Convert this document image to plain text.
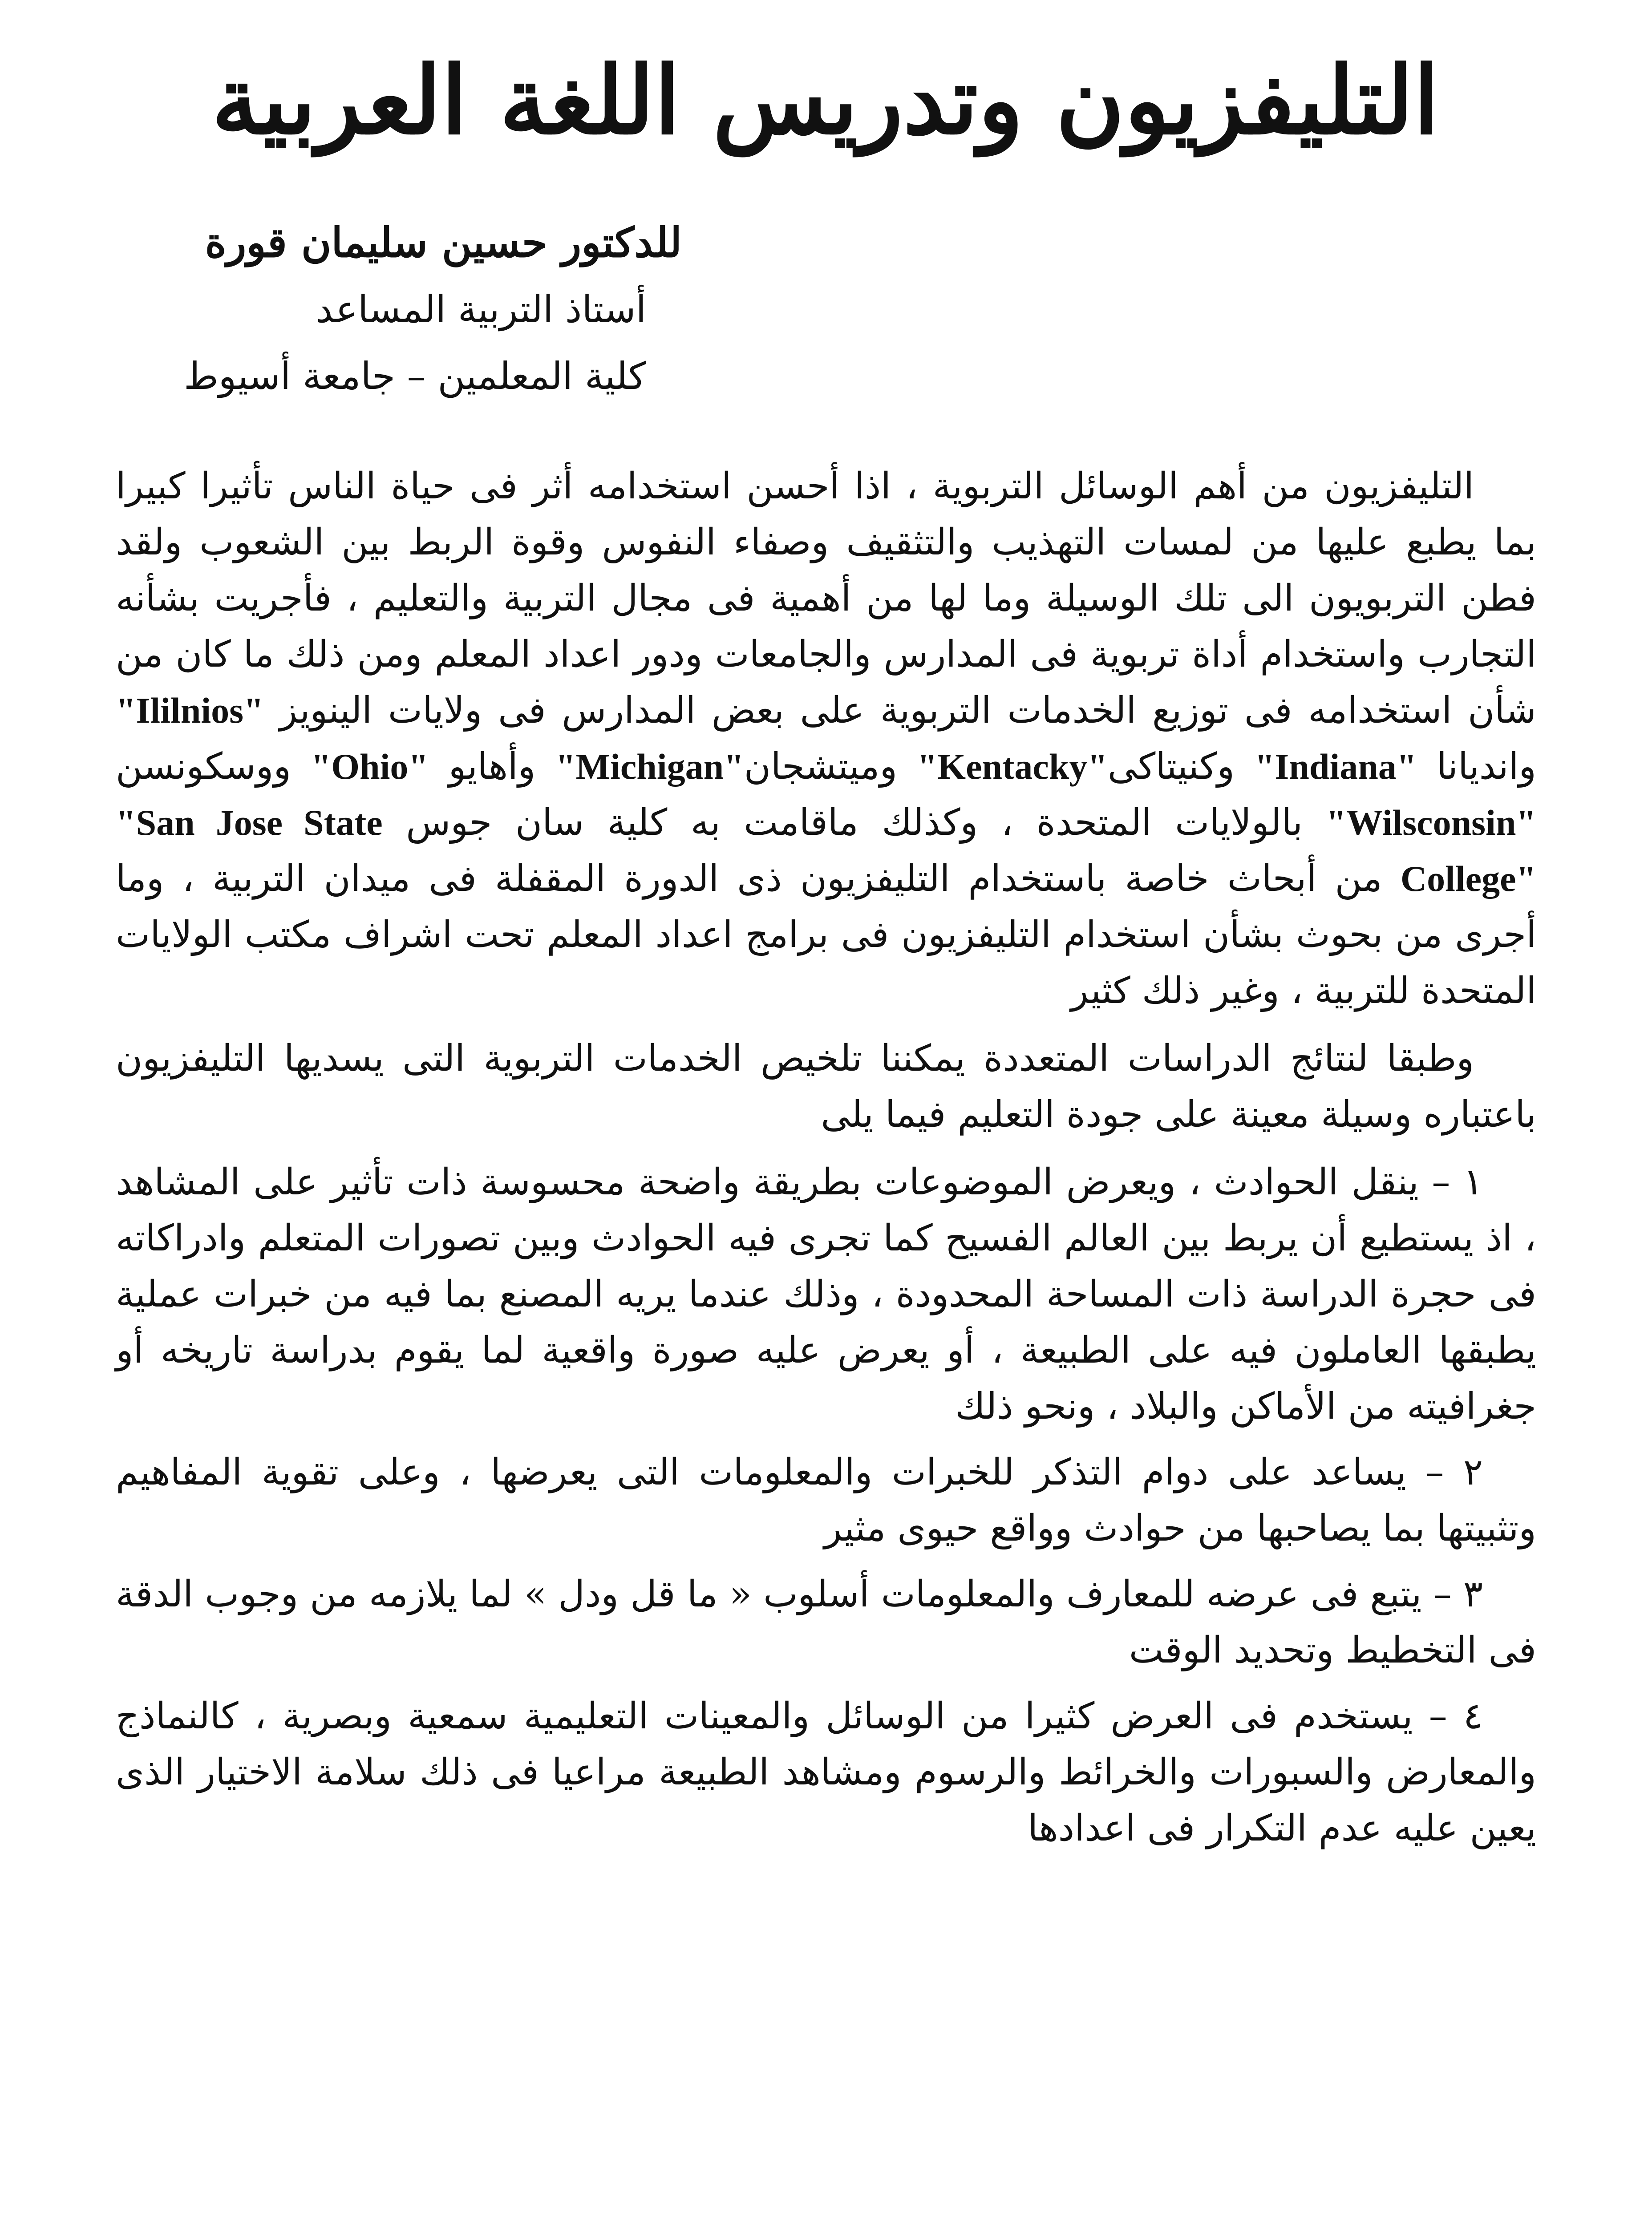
التليفزيون وتدريس اللغة العربية
للدكتور حسين سليمان قورة
أستاذ التربية المساعد
كلية المعلمين – جامعة أسيوط

التليفزيون من أهم الوسائل التربوية ، اذا أحسن استخدامه أثر فى حياة الناس تأثيرا كبيرا بما يطبع عليها من لمسات التهذيب والتثقيف وصفاء النفوس وقوة الربط بين الشعوب ولقد فطن التربويون الى تلك الوسيلة وما لها من أهمية فى مجال التربية والتعليم ، فأجريت بشأنه التجارب واستخدام أداة تربوية فى المدارس والجامعات ودور اعداد المعلم ومن ذلك ما كان من شأن استخدامه فى توزيع الخدمات التربوية على بعض المدارس فى ولايات الينويز "Ililnios" واندیانا "Indiana" وكنيتاكى"Kentacky" وميتشجان"Michigan" وأهايو "Ohio" ووسكونسن "Wilsconsin" بالولايات المتحدة ، وكذلك ماقامت به كلية سان جوس "San Jose State College" من أبحاث خاصة باستخدام التليفزيون ذى الدورة المقفلة فى ميدان التربية ، وما أجرى من بحوث بشأن استخدام التليفزيون فى برامج اعداد المعلم تحت اشراف مكتب الولايات المتحدة للتربية ، وغير ذلك كثير

وطبقا لنتائج الدراسات المتعددة يمكننا تلخيص الخدمات التربوية التى يسديها التليفزيون باعتباره وسيلة معينة على جودة التعليم فيما يلى

١ – ينقل الحوادث ، ويعرض الموضوعات بطريقة واضحة محسوسة ذات تأثير على المشاهد ، اذ يستطيع أن يربط بين العالم الفسيح كما تجرى فيه الحوادث وبين تصورات المتعلم وادراكاته فى حجرة الدراسة ذات المساحة المحدودة ، وذلك عندما يريه المصنع بما فيه من خبرات عملية يطبقها العاملون فيه على الطبيعة ، أو يعرض عليه صورة واقعية لما يقوم بدراسة تاريخه أو جغرافيته من الأماكن والبلاد ، ونحو ذلك

٢ – يساعد على دوام التذكر للخبرات والمعلومات التى يعرضها ، وعلى تقوية المفاهيم وتثبيتها بما يصاحبها من حوادث وواقع حيوى مثير

٣ – يتبع فى عرضه للمعارف والمعلومات أسلوب « ما قل ودل » لما يلازمه من وجوب الدقة فى التخطيط وتحديد الوقت

٤ – يستخدم فى العرض كثيرا من الوسائل والمعينات التعليمية سمعية وبصرية ، كالنماذج والمعارض والسبورات والخرائط والرسوم ومشاهد الطبيعة مراعيا فى ذلك سلامة الاختيار الذى يعين عليه عدم التكرار فى اعدادها
